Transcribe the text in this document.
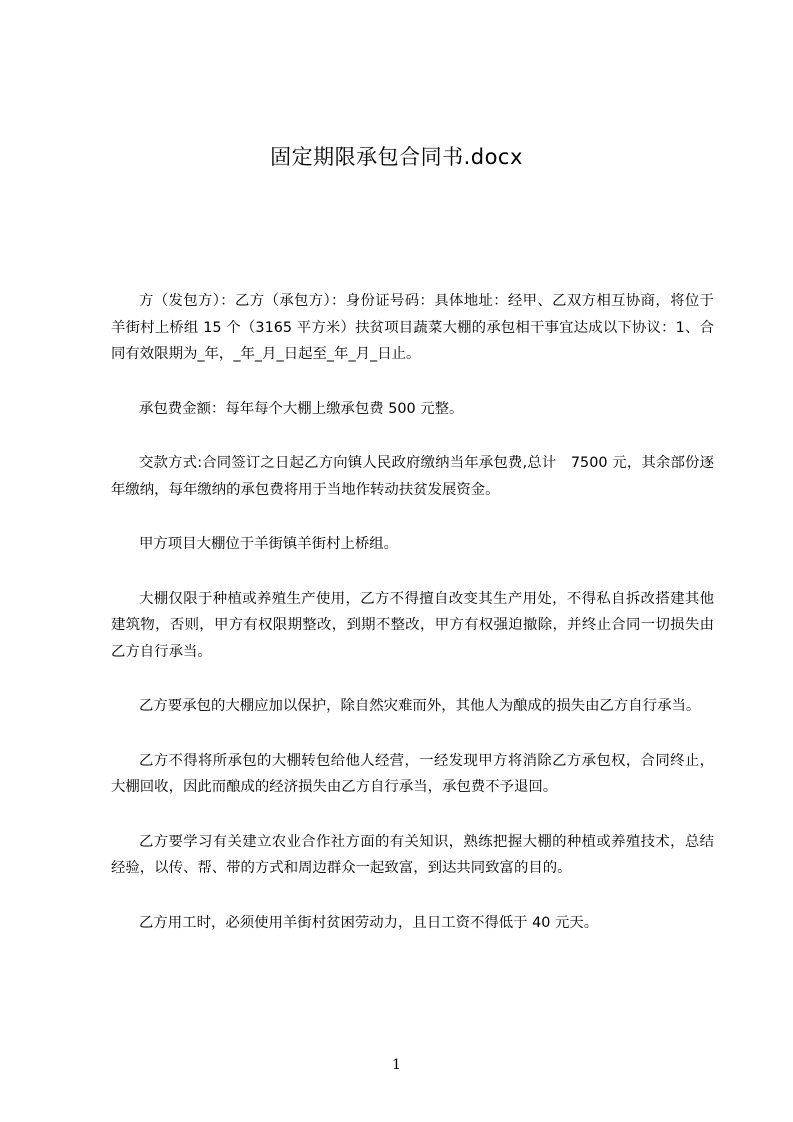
固定期限承包合同书.docx

方（发包方）：乙方（承包方）：身份证号码：具体地址：经甲、乙双方相互协商，将位于羊街村上桥组 15 个（3165 平方米）扶贫项目蔬菜大棚的承包相干事宜达成以下协议：1、合同有效限期为_年，_年_月_日起至_年_月_日止。

承包费金额：每年每个大棚上缴承包费 500 元整。

交款方式:合同签订之日起乙方向镇人民政府缴纳当年承包费,总计　7500 元，其余部份逐年缴纳，每年缴纳的承包费将用于当地作转动扶贫发展资金。

甲方项目大棚位于羊街镇羊街村上桥组。

大棚仅限于种植或养殖生产使用，乙方不得擅自改变其生产用处，不得私自拆改搭建其他建筑物，否则，甲方有权限期整改，到期不整改，甲方有权强迫撤除，并终止合同一切损失由乙方自行承当。

乙方要承包的大棚应加以保护，除自然灾难而外，其他人为酿成的损失由乙方自行承当。

乙方不得将所承包的大棚转包给他人经营，一经发现甲方将消除乙方承包权，合同终止，大棚回收，因此而酿成的经济损失由乙方自行承当，承包费不予退回。

乙方要学习有关建立农业合作社方面的有关知识，熟练把握大棚的种植或养殖技术，总结经验，以传、帮、带的方式和周边群众一起致富，到达共同致富的目的。

乙方用工时，必须使用羊街村贫困劳动力，且日工资不得低于 40 元天。

1
